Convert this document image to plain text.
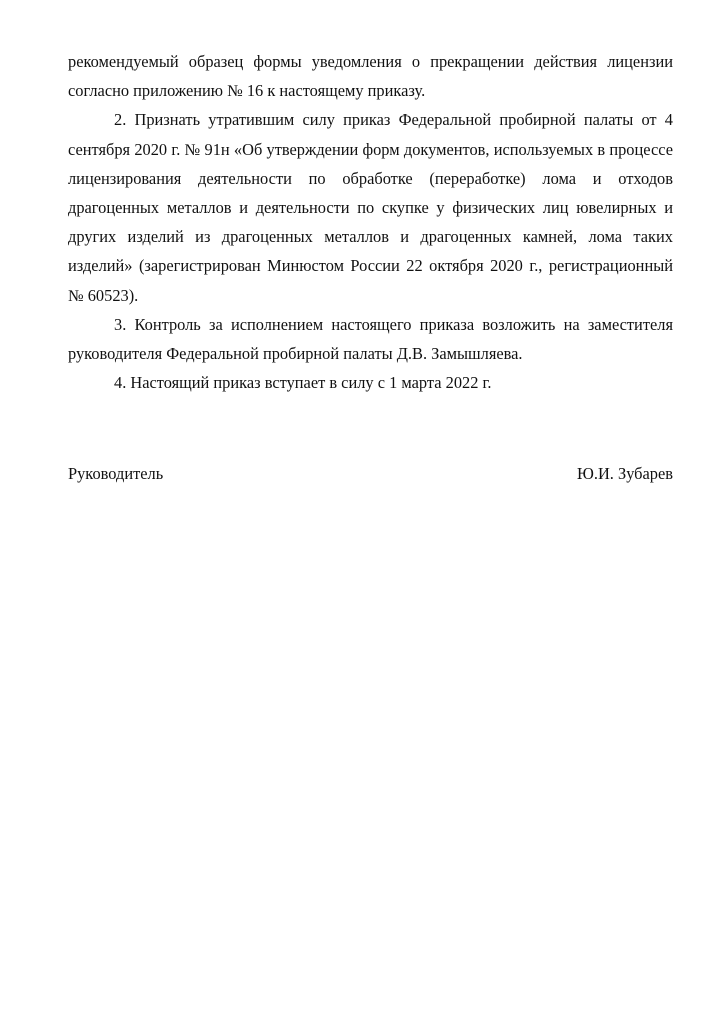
рекомендуемый образец формы уведомления о прекращении действия лицензии согласно приложению № 16 к настоящему приказу.

2. Признать утратившим силу приказ Федеральной пробирной палаты от 4 сентября 2020 г. № 91н «Об утверждении форм документов, используемых в процессе лицензирования деятельности по обработке (переработке) лома и отходов драгоценных металлов и деятельности по скупке у физических лиц ювелирных и других изделий из драгоценных металлов и драгоценных камней, лома таких изделий» (зарегистрирован Минюстом России 22 октября 2020 г., регистрационный № 60523).

3. Контроль за исполнением настоящего приказа возложить на заместителя руководителя Федеральной пробирной палаты Д.В. Замышляева.

4. Настоящий приказ вступает в силу с 1 марта 2022 г.

Руководитель	Ю.И. Зубарев
